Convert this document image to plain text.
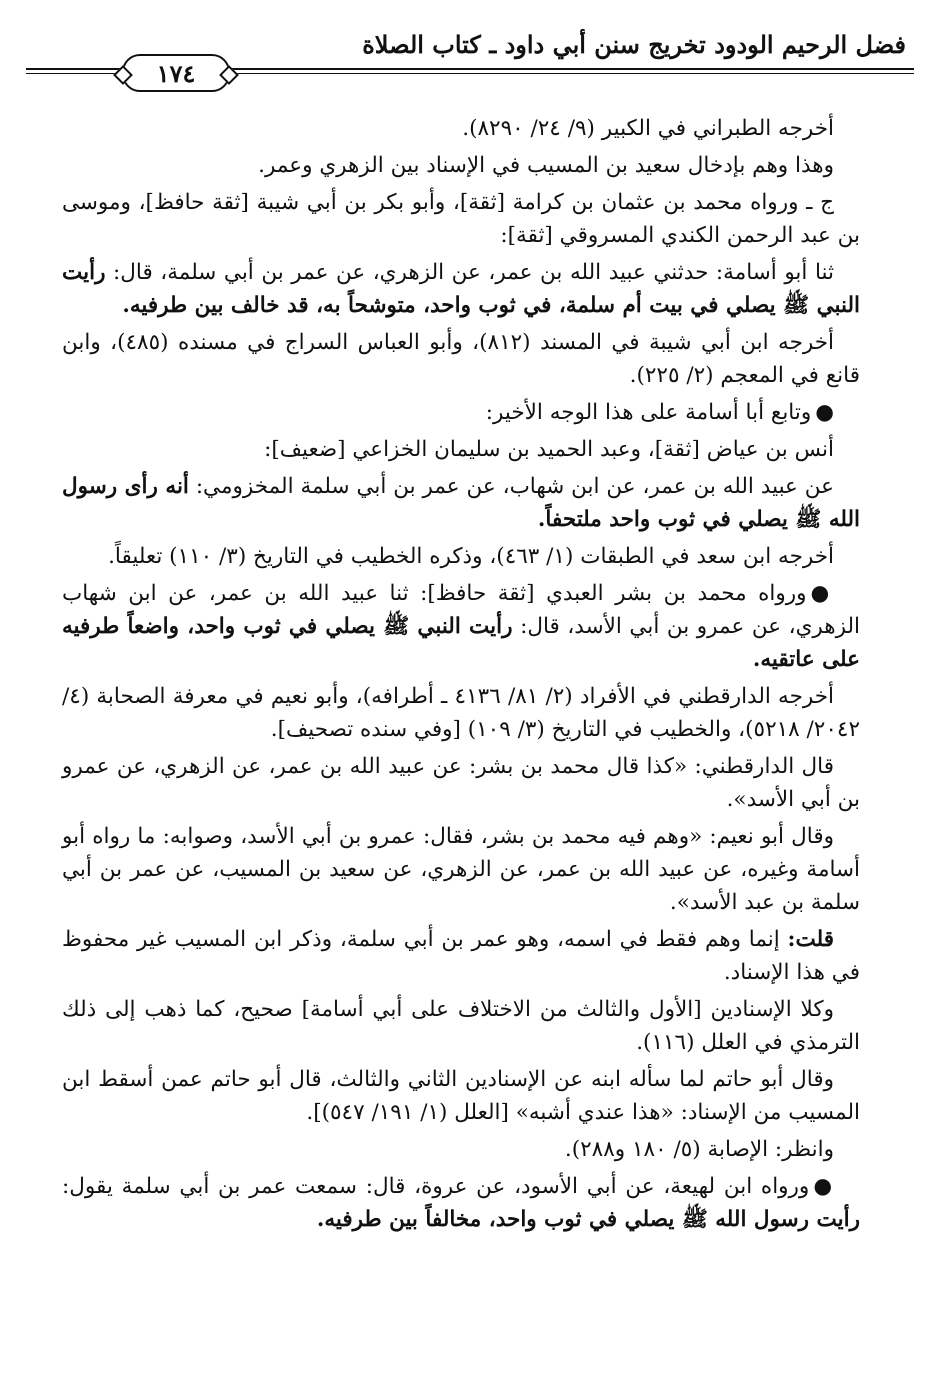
فضل الرحيم الودود تخريج سنن أبي داود ـ كتاب الصلاة
١٧٤

أخرجه الطبراني في الكبير (٩/ ٢٤/ ٨٢٩٠).

وهذا وهم بإدخال سعيد بن المسيب في الإسناد بين الزهري وعمر.

ج ـ ورواه محمد بن عثمان بن كرامة [ثقة]، وأبو بكر بن أبي شيبة [ثقة حافظ]، وموسى بن عبد الرحمن الكندي المسروقي [ثقة]:

ثنا أبو أسامة: حدثني عبيد الله بن عمر، عن الزهري، عن عمر بن أبي سلمة، قال: رأيت النبي ﷺ يصلي في بيت أم سلمة، في ثوب واحد، متوشحاً به، قد خالف بين طرفيه.

أخرجه ابن أبي شيبة في المسند (٨١٢)، وأبو العباس السراج في مسنده (٤٨٥)، وابن قانع في المعجم (٢/ ٢٢٥).

●وتابع أبا أسامة على هذا الوجه الأخير:

أنس بن عياض [ثقة]، وعبد الحميد بن سليمان الخزاعي [ضعيف]:

عن عبيد الله بن عمر، عن ابن شهاب، عن عمر بن أبي سلمة المخزومي: أنه رأى رسول الله ﷺ يصلي في ثوب واحد ملتحفاً.

أخرجه ابن سعد في الطبقات (١/ ٤٦٣)، وذكره الخطيب في التاريخ (٣/ ١١٠) تعليقاً.

●ورواه محمد بن بشر العبدي [ثقة حافظ]: ثنا عبيد الله بن عمر، عن ابن شهاب الزهري، عن عمرو بن أبي الأسد، قال: رأيت النبي ﷺ يصلي في ثوب واحد، واضعاً طرفيه على عاتقيه.

أخرجه الدارقطني في الأفراد (٢/ ٨١/ ٤١٣٦ ـ أطرافه)، وأبو نعيم في معرفة الصحابة (٤/ ٢٠٤٢/ ٥٢١٨)، والخطيب في التاريخ (٣/ ١٠٩) [وفي سنده تصحيف].

قال الدارقطني: «كذا قال محمد بن بشر: عن عبيد الله بن عمر، عن الزهري، عن عمرو بن أبي الأسد».

وقال أبو نعيم: «وهم فيه محمد بن بشر، فقال: عمرو بن أبي الأسد، وصوابه: ما رواه أبو أسامة وغيره، عن عبيد الله بن عمر، عن الزهري، عن سعيد بن المسيب، عن عمر بن أبي سلمة بن عبد الأسد».

قلت: إنما وهم فقط في اسمه، وهو عمر بن أبي سلمة، وذكر ابن المسيب غير محفوظ في هذا الإسناد.

وكلا الإسنادين [الأول والثالث من الاختلاف على أبي أسامة] صحيح، كما ذهب إلى ذلك الترمذي في العلل (١١٦).

وقال أبو حاتم لما سأله ابنه عن الإسنادين الثاني والثالث، قال أبو حاتم عمن أسقط ابن المسيب من الإسناد: «هذا عندي أشبه» [العلل (١/ ١٩١/ ٥٤٧)].

وانظر: الإصابة (٥/ ١٨٠ و٢٨٨).

●ورواه ابن لهيعة، عن أبي الأسود، عن عروة، قال: سمعت عمر بن أبي سلمة يقول: رأيت رسول الله ﷺ يصلي في ثوب واحد، مخالفاً بين طرفيه.
